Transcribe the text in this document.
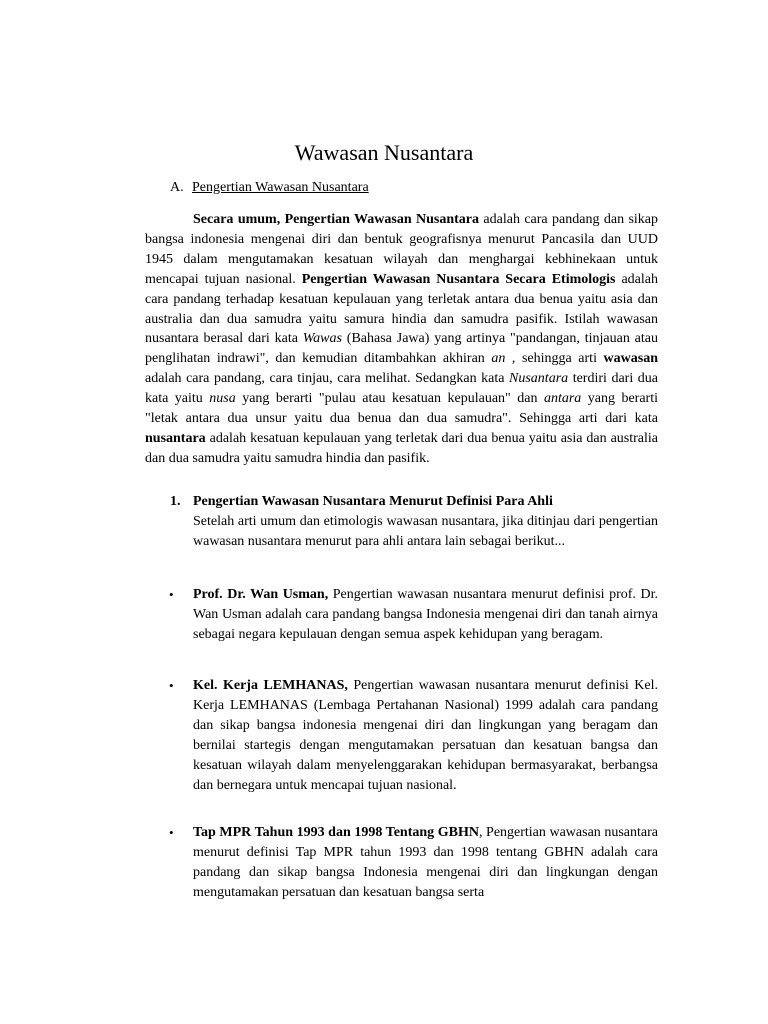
Wawasan Nusantara
A. Pengertian Wawasan Nusantara

Secara umum, Pengertian Wawasan Nusantara adalah cara pandang dan sikap bangsa indonesia mengenai diri dan bentuk geografisnya menurut Pancasila dan UUD 1945 dalam mengutamakan kesatuan wilayah dan menghargai kebhinekaan untuk mencapai tujuan nasional. Pengertian Wawasan Nusantara Secara Etimologis adalah cara pandang terhadap kesatuan kepulauan yang terletak antara dua benua yaitu asia dan australia dan dua samudra yaitu samura hindia dan samudra pasifik. Istilah wawasan nusantara berasal dari kata Wawas (Bahasa Jawa) yang artinya "pandangan, tinjauan atau penglihatan indrawi", dan kemudian ditambahkan akhiran an , sehingga arti wawasan adalah cara pandang, cara tinjau, cara melihat. Sedangkan kata Nusantara terdiri dari dua kata yaitu nusa yang berarti "pulau atau kesatuan kepulauan" dan antara yang berarti "letak antara dua unsur yaitu dua benua dan dua samudra". Sehingga arti dari kata nusantara adalah kesatuan kepulauan yang terletak dari dua benua yaitu asia dan australia dan dua samudra yaitu samudra hindia dan pasifik.

1. Pengertian Wawasan Nusantara Menurut Definisi Para Ahli

Setelah arti umum dan etimologis wawasan nusantara, jika ditinjau dari pengertian wawasan nusantara menurut para ahli antara lain sebagai berikut...

• Prof. Dr. Wan Usman, Pengertian wawasan nusantara menurut definisi prof. Dr. Wan Usman adalah cara pandang bangsa Indonesia mengenai diri dan tanah airnya sebagai negara kepulauan dengan semua aspek kehidupan yang beragam.

• Kel. Kerja LEMHANAS, Pengertian wawasan nusantara menurut definisi Kel. Kerja LEMHANAS (Lembaga Pertahanan Nasional) 1999 adalah cara pandang dan sikap bangsa indonesia mengenai diri dan lingkungan yang beragam dan bernilai startegis dengan mengutamakan persatuan dan kesatuan bangsa dan kesatuan wilayah dalam menyelenggarakan kehidupan bermasyarakat, berbangsa dan bernegara untuk mencapai tujuan nasional.

• Tap MPR Tahun 1993 dan 1998 Tentang GBHN, Pengertian wawasan nusantara menurut definisi Tap MPR tahun 1993 dan 1998 tentang GBHN adalah cara pandang dan sikap bangsa Indonesia mengenai diri dan lingkungan dengan mengutamakan persatuan dan kesatuan bangsa serta
